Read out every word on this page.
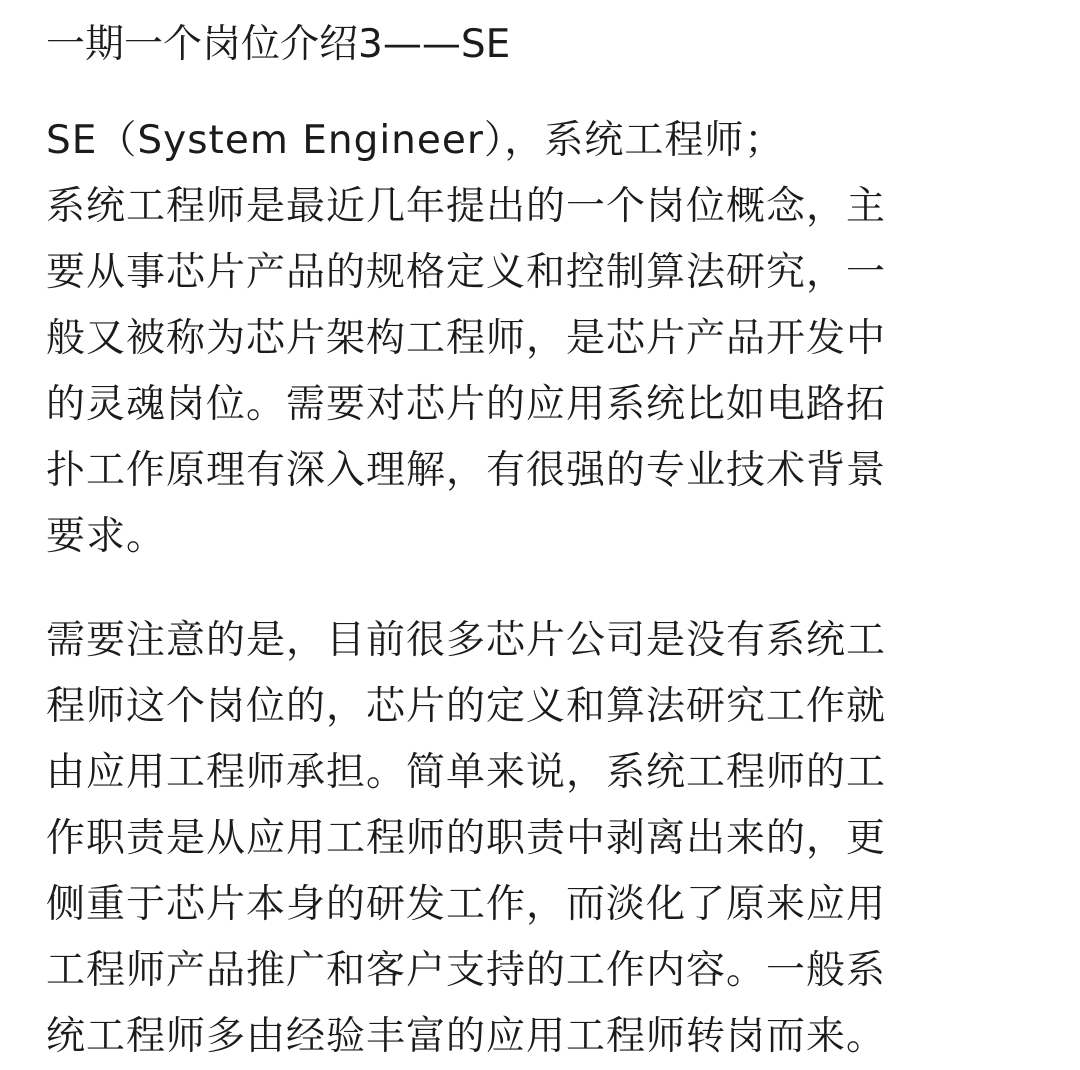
一期一个岗位介绍3——SE

SE（System Engineer），系统工程师；
系统工程师是最近几年提出的一个岗位概念，主
要从事芯片产品的规格定义和控制算法研究，一
般又被称为芯片架构工程师，是芯片产品开发中
的灵魂岗位。需要对芯片的应用系统比如电路拓
扑工作原理有深入理解，有很强的专业技术背景
要求。

需要注意的是，目前很多芯片公司是没有系统工
程师这个岗位的，芯片的定义和算法研究工作就
由应用工程师承担。简单来说，系统工程师的工
作职责是从应用工程师的职责中剥离出来的，更
侧重于芯片本身的研发工作，而淡化了原来应用
工程师产品推广和客户支持的工作内容。一般系
统工程师多由经验丰富的应用工程师转岗而来。
